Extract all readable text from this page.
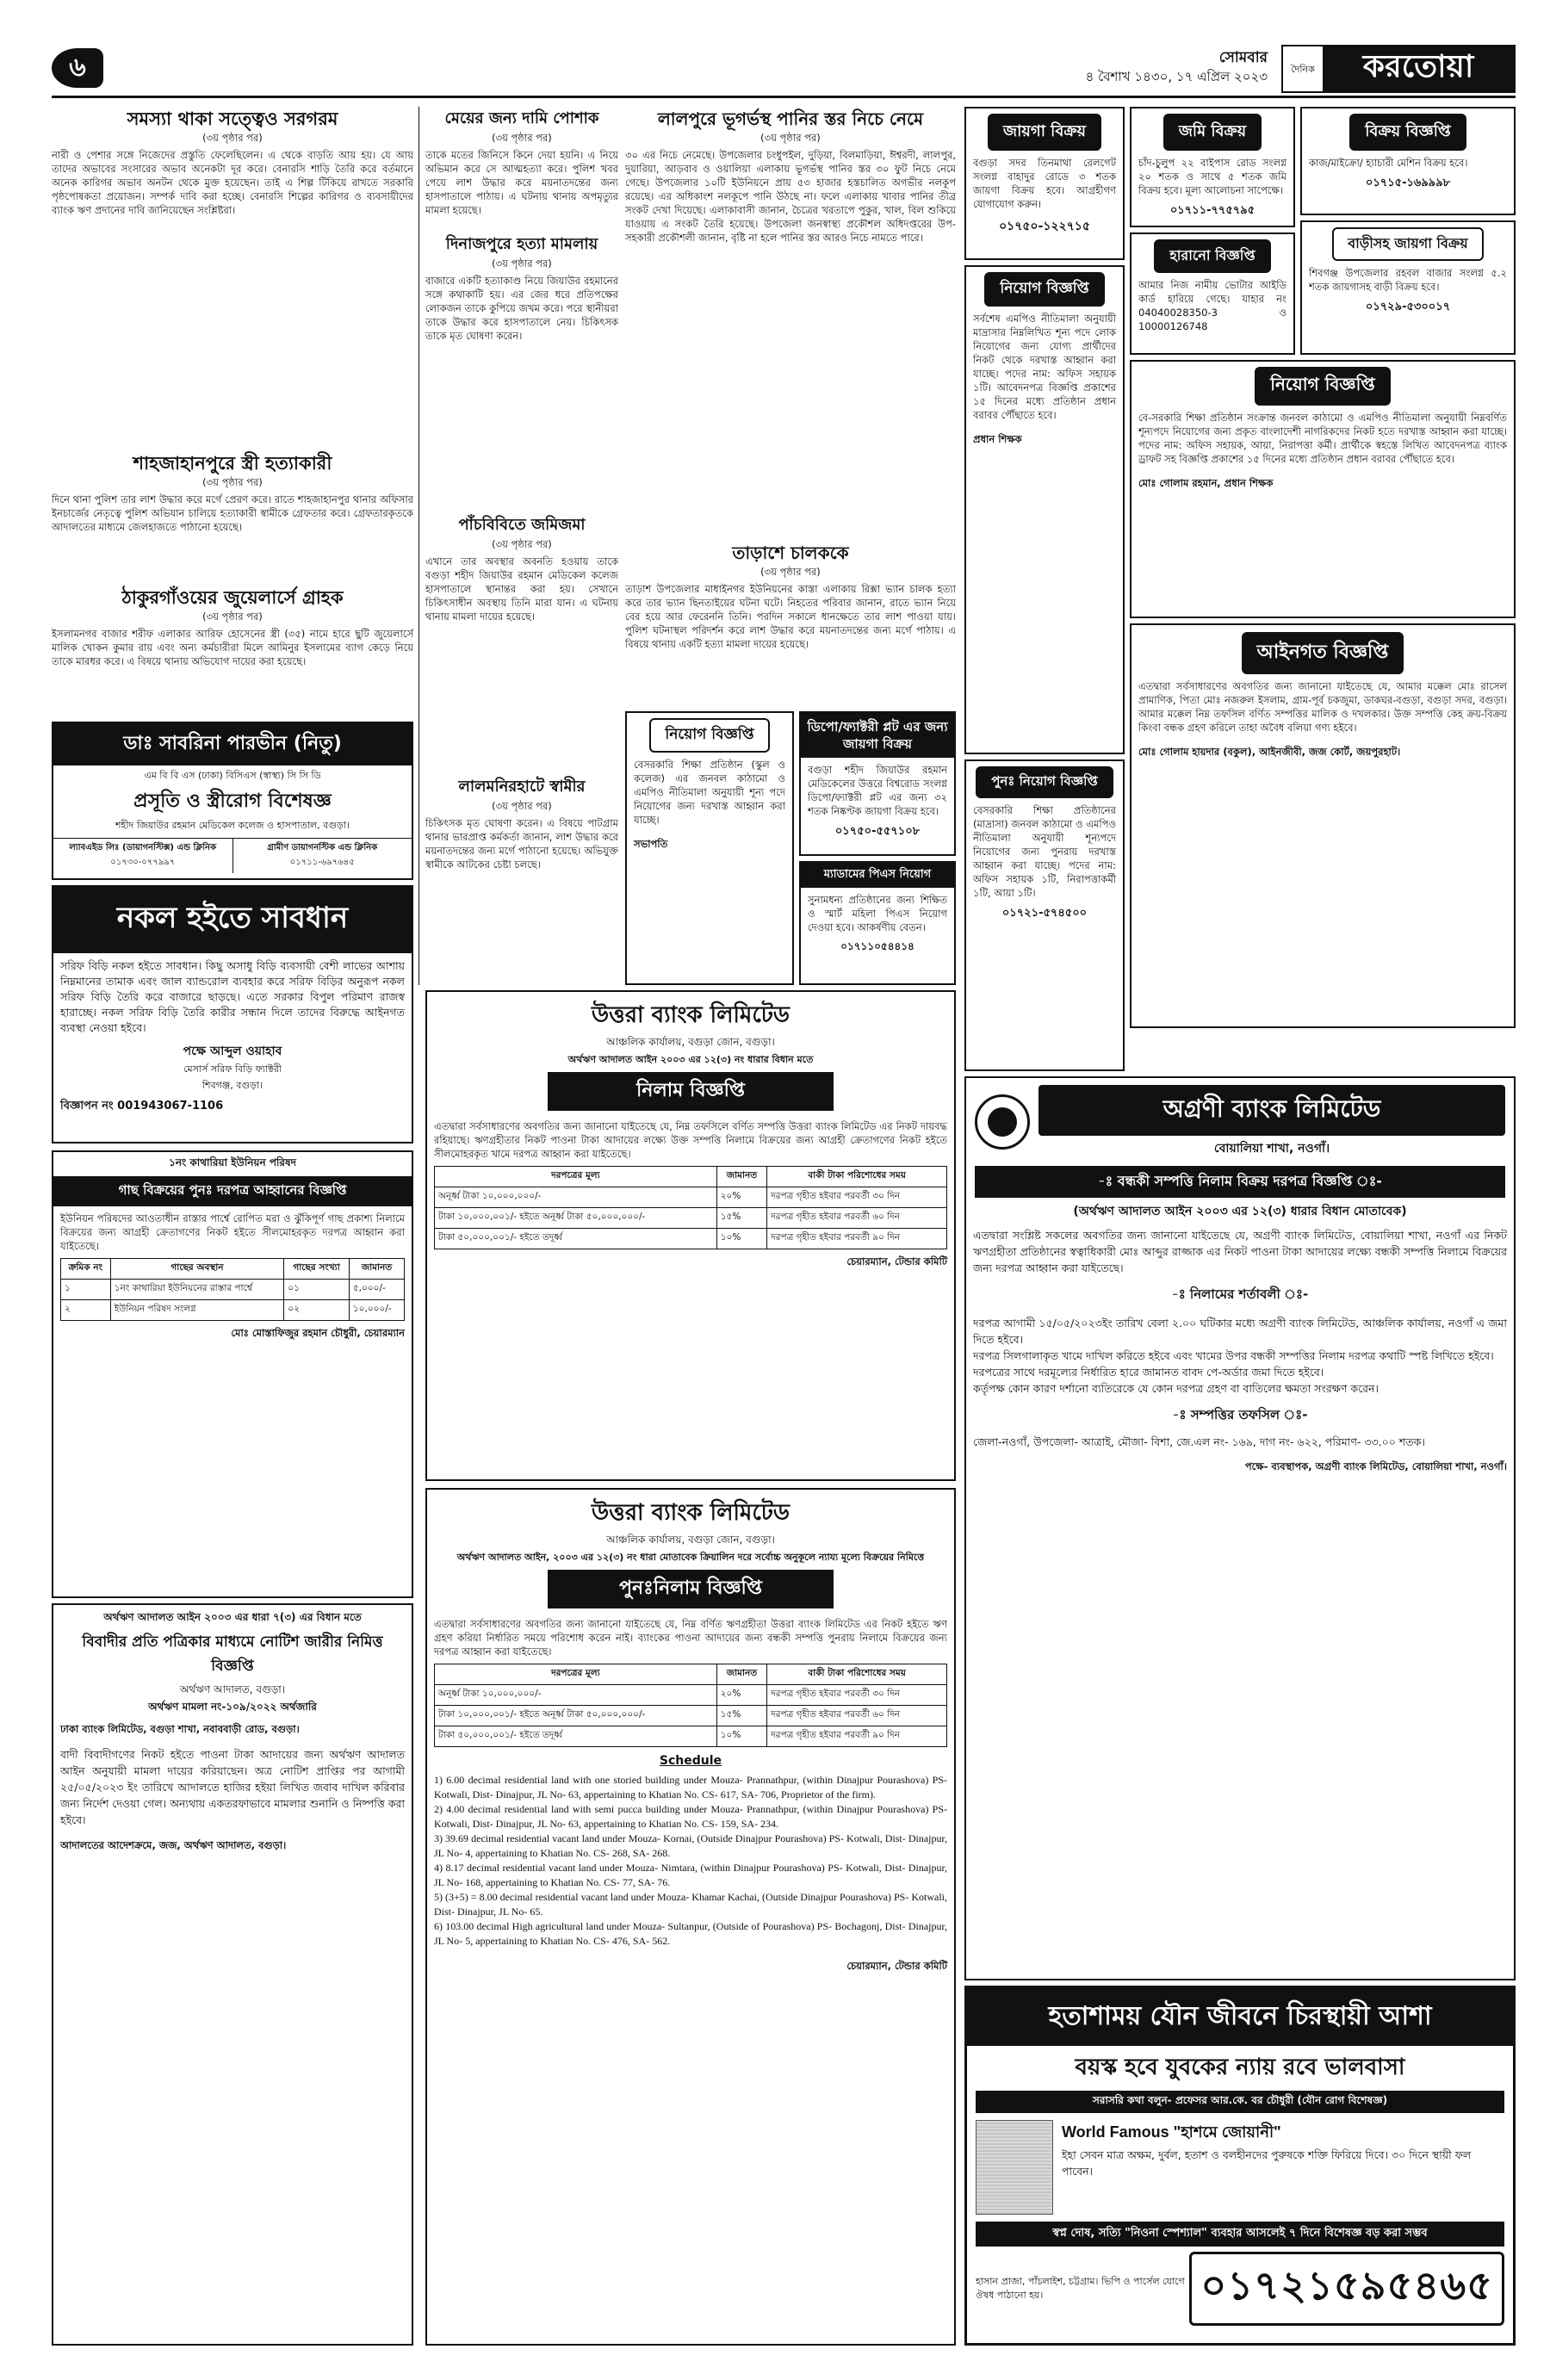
৬	সোমবার
৪ বৈশাখ ১৪৩০, ১৭ এপ্রিল ২০২৩	দৈনিক	করতোয়া
সমস্যা থাকা সত্ত্বেও সরগরম
(৩য় পৃষ্ঠার পর)

নারী ও পেশার সঙ্গে নিজেদের প্রস্তুতি ফেলেছিলেন। এ থেকে বাড়তি আয় হয়। যে আয় তাদের অভাবের সংসারের অভাব অনেকটা দূর করে। বেনারসি শাড়ি তৈরি করে বর্তমানে অনেক কারিগর অভাব অনটন থেকে মুক্ত হয়েছেন। তাই এ শিল্প টিকিয়ে রাখতে সরকারি পৃষ্ঠপোষকতা প্রয়োজন। সম্পর্ক দাবি করা হচ্ছে। বেনারসি শিল্পের কারিগর ও ব্যবসায়ীদের ব্যাংক ঋণ প্রদানের দাবি জানিয়েছেন সংশ্লিষ্টরা।

শাহজাহানপুরে স্ত্রী হত্যাকারী
(৩য় পৃষ্ঠার পর)

দিনে থানা পুলিশ তার লাশ উদ্ধার করে মর্গে প্রেরণ করে। রাতে শাহজাহানপুর থানার অফিসার ইনচার্জের নেতৃত্বে পুলিশ অভিযান চালিয়ে হত্যাকারী স্বামীকে গ্রেফতার করে। গ্রেফতারকৃতকে আদালতের মাধ্যমে জেলহাজতে পাঠানো হয়েছে।

ঠাকুরগাঁওয়ের জুয়েলার্সে গ্রাহক
(৩য় পৃষ্ঠার পর)

ইসলামনগর বাজার শরীফ এলাকার আরিফ হোসেনের স্ত্রী (৩৫) নামে হারে ছুটি জুয়েলার্সে মালিক খোকন কুমার রায় এবং অন্য কর্মচারীরা মিলে আমিনুর ইসলামের ব্যাগ কেড়ে নিয়ে তাকে মারধর করে। এ বিষয়ে থানায় অভিযোগ দায়ের করা হয়েছে।

মেয়ের জন্য দামি পোশাক
(৩য় পৃষ্ঠার পর)

তাকে মতের জিনিসে কিনে দেয়া হয়নি। এ নিয়ে অভিমান করে সে আত্মহত্যা করে। পুলিশ খবর পেয়ে লাশ উদ্ধার করে ময়নাতদন্তের জন্য হাসপাতালে পাঠায়। এ ঘটনায় থানায় অপমৃত্যুর মামলা হয়েছে।

দিনাজপুরে হত্যা মামলায়
(৩য় পৃষ্ঠার পর)

বাজারে একটি হত্যাকাণ্ড নিয়ে জিয়াউর রহমানের সঙ্গে কথাকাটি হয়। এর জের ধরে প্রতিপক্ষের লোকজন তাকে কুপিয়ে জখম করে। পরে স্থানীয়রা তাকে উদ্ধার করে হাসপাতালে নেয়। চিকিৎসক তাকে মৃত ঘোষণা করেন।

পাঁচবিবিতে জমিজমা
(৩য় পৃষ্ঠার পর)

এখানে তার অবস্থার অবনতি হওয়ায় তাকে বগুড়া শহীদ জিয়াউর রহমান মেডিকেল কলেজ হাসপাতালে স্থানান্তর করা হয়। সেখানে চিকিৎসাধীন অবস্থায় তিনি মারা যান। এ ঘটনায় থানায় মামলা দায়ের হয়েছে।

লালমনিরহাটে স্বামীর
(৩য় পৃষ্ঠার পর)

চিকিৎসক মৃত ঘোষণা করেন। এ বিষয়ে পাটগ্রাম থানার ভারপ্রাপ্ত কর্মকর্তা জানান, লাশ উদ্ধার করে ময়নাতদন্তের জন্য মর্গে পাঠানো হয়েছে। অভিযুক্ত স্বামীকে আটকের চেষ্টা চলছে।

লালপুরে ভূগর্ভস্থ পানির স্তর নিচে নেমে
(৩য় পৃষ্ঠার পর)

৩০ এর নিচে নেমেছে। উপজেলার চংধুপইল, দুড়িয়া, বিলমাড়িয়া, ঈশ্বরদী, লালপুর, দুয়ারিয়া, আড়বাব ও ওয়ালিয়া এলাকায় ভূগর্ভস্থ পানির স্তর ৩০ ফুট নিচে নেমে গেছে। উপজেলার ১০টি ইউনিয়নে প্রায় ৫৩ হাজার হস্তচালিত অগভীর নলকূপ রয়েছে। এর অধিকাংশ নলকূপে পানি উঠছে না। ফলে এলাকায় খাবার পানির তীব্র সংকট দেখা দিয়েছে। এলাকাবাসী জানান, চৈত্রের খরতাপে পুকুর, খাল, বিল শুকিয়ে যাওয়ায় এ সংকট তৈরি হয়েছে। উপজেলা জনস্বাস্থ্য প্রকৌশল অধিদপ্তরের উপ-সহকারী প্রকৌশলী জানান, বৃষ্টি না হলে পানির স্তর আরও নিচে নামতে পারে।

তাড়াশে চালককে
(৩য় পৃষ্ঠার পর)

তাড়াশ উপজেলার মাধাইনগর ইউনিয়নের কাস্তা এলাকায় রিক্সা ভ্যান চালক হত্যা করে তার ভ্যান ছিনতাইয়ের ঘটনা ঘটে। নিহতের পরিবার জানান, রাতে ভ্যান নিয়ে বের হয়ে আর ফেরেননি তিনি। পরদিন সকালে ধানক্ষেতে তার লাশ পাওয়া যায়। পুলিশ ঘটনাস্থল পরিদর্শন করে লাশ উদ্ধার করে ময়নাতদন্তের জন্য মর্গে পাঠায়। এ বিষয়ে থানায় একটি হত্যা মামলা দায়ের হয়েছে।

নিয়োগ বিজ্ঞপ্তি
বেসরকারি শিক্ষা প্রতিষ্ঠান (স্কুল ও কলেজ) এর জনবল কাঠামো ও এমপিও নীতিমালা অনুযায়ী শূন্য পদে নিয়োগের জন্য দরখাস্ত আহ্বান করা যাচ্ছে।
সভাপতি
ডিপো/ফ্যাক্টরী প্লট এর জন্য জায়গা বিক্রয়
বগুড়া শহীদ জিয়াউর রহমান মেডিকেলের উত্তরে বিশ্বরোড সংলগ্ন ডিপো/ফ্যাক্টরী প্লট এর জন্য ৩২ শতক নিষ্কণ্টক জায়গা বিক্রয় হবে।
০১৭৫০-৫৫৭১০৮
ম্যাডামের পিএস নিয়োগ
সুনামধন্য প্রতিষ্ঠানের জন্য শিক্ষিত ও স্মার্ট মহিলা পিএস নিয়োগ দেওয়া হবে। আকর্ষণীয় বেতন।
০১৭১১০৫৪৪১৪
জায়গা বিক্রয়
বগুড়া সদর তিনমাথা রেলগেট সংলগ্ন বাহাদুর রোডে ৩ শতক জায়গা বিক্রয় হবে। আগ্রহীগণ যোগাযোগ করুন।
০১৭৫০-১২২৭১৫
জমি বিক্রয়
চাঁদ-চুলুপ ২২ বাইপাস রোড সংলগ্ন ২০ শতক ও সাথে ৫ শতক জমি বিক্রয় হবে। মূল্য আলোচনা সাপেক্ষে।
০১৭১১-৭৭৫৭৯৫
বিক্রয় বিজ্ঞপ্তি
কাজ/মাইক্রো/ হ্যাচারী মেশিন বিক্রয় হবে।
০১৭১৫-১৬৯৯৯৮
হারানো বিজ্ঞপ্তি
আমার নিজ নামীয় ভোটার আইডি কার্ড হারিয়ে গেছে। যাহার নং 04040028350-3 ও 10000126748
বাড়ীসহ জায়গা বিক্রয়
শিবগঞ্জ উপজেলার রহবল বাজার সংলগ্ন ৫.২ শতক জায়গাসহ বাড়ী বিক্রয় হবে।
০১৭২৯-৫৩০০১৭
নিয়োগ বিজ্ঞপ্তি
সর্বশেষ এমপিও নীতিমালা অনুযায়ী মাদ্রাসার নিম্নলিখিত শূন্য পদে লোক নিয়োগের জন্য যোগ্য প্রার্থীদের নিকট থেকে দরখাস্ত আহ্বান করা যাচ্ছে। পদের নাম: অফিস সহায়ক ১টি। আবেদনপত্র বিজ্ঞপ্তি প্রকাশের ১৫ দিনের মধ্যে প্রতিষ্ঠান প্রধান বরাবর পৌঁছাতে হবে।
প্রধান শিক্ষক
নিয়োগ বিজ্ঞপ্তি
বে-সরকারি শিক্ষা প্রতিষ্ঠান সংক্রান্ত জনবল কাঠামো ও এমপিও নীতিমালা অনুযায়ী নিম্নবর্ণিত শূন্যপদে নিয়োগের জন্য প্রকৃত বাংলাদেশী নাগরিকদের নিকট হতে দরখাস্ত আহ্বান করা যাচ্ছে। পদের নাম: অফিস সহায়ক, আয়া, নিরাপত্তা কর্মী। প্রার্থীকে স্বহস্তে লিখিত আবেদনপত্র ব্যাংক ড্রাফট সহ বিজ্ঞপ্তি প্রকাশের ১৫ দিনের মধ্যে প্রতিষ্ঠান প্রধান বরাবর পৌঁছাতে হবে।
মোঃ গোলাম রহমান, প্রধান শিক্ষক
পুনঃ নিয়োগ বিজ্ঞপ্তি
বেসরকারি শিক্ষা প্রতিষ্ঠানের (মাদ্রাসা) জনবল কাঠামো ও এমপিও নীতিমালা অনুযায়ী শূন্যপদে নিয়োগের জন্য পুনরায় দরখাস্ত আহ্বান করা যাচ্ছে। পদের নাম: অফিস সহায়ক ১টি, নিরাপত্তাকর্মী ১টি, আয়া ১টি।
০১৭২১-৫৭৪৫০০
আইনগত বিজ্ঞপ্তি
এতদ্বারা সর্বসাধারণের অবগতির জন্য জানানো যাইতেছে যে, আমার মক্কেল মোঃ রাসেল প্রামাণিক, পিতা মোঃ নজরুল ইসলাম, গ্রাম-পূর্ব চকজুমা, ডাকঘর-বগুড়া, বগুড়া সদর, বগুড়া। আমার মক্কেল নিম্ন তফসিল বর্ণিত সম্পত্তির মালিক ও দখলকার। উক্ত সম্পত্তি কেহ ক্রয়-বিক্রয় কিংবা বন্ধক গ্রহণ করিলে তাহা অবৈধ বলিয়া গণ্য হইবে।
মোঃ গোলাম হায়দার (বকুল), আইনজীবী, জজ কোর্ট, জয়পুরহাট।
ডাঃ সাবরিনা পারভীন (নিতু)
এম বি বি এস (ঢাকা) বিসিএস (স্বাস্থ্য) সি সি ডি
প্রসূতি ও স্ত্রীরোগ বিশেষজ্ঞ
শহীদ জিয়াউর রহমান মেডিকেল কলেজ ও হাসপাতাল, বগুড়া।
ল্যাবএইড লিঃ (ডায়াগনস্টিক্স) এন্ড ক্লিনিক
০১৭৩০-০৭৭৯৯৭
গ্রামীণ ডায়াগনস্টিক এন্ড ক্লিনিক
০১৭১১-৬৯৭৬৪৫
নকল হইতে সাবধান
সরিফ বিড়ি নকল হইতে সাবধান। কিছু অসাধু বিড়ি ব্যবসায়ী বেশী লাভের আশায় নিম্নমানের তামাক এবং জাল ব্যান্ডরোল ব্যবহার করে সরিফ বিড়ির অনুরূপ নকল সরিফ বিড়ি তৈরি করে বাজারে ছাড়ছে। এতে সরকার বিপুল পরিমাণ রাজস্ব হারাচ্ছে। নকল সরিফ বিড়ি তৈরি কারীর সন্ধান দিলে তাদের বিরুদ্ধে আইনগত ব্যবস্থা নেওয়া হইবে।
পক্ষে আব্দুল ওয়াহাব
মেসার্স সরিফ বিড়ি ফ্যাক্টরী
শিবগঞ্জ, বগুড়া।
বিজ্ঞাপন নং 001943067-1106
১নং কাথারিয়া ইউনিয়ন পরিষদ
গাছ বিক্রয়ের পুনঃ দরপত্র আহ্বানের বিজ্ঞপ্তি
ইউনিয়ন পরিষদের আওতাধীন রাস্তার পার্শ্বে রোপিত মরা ও ঝুঁকিপূর্ণ গাছ প্রকাশ্য নিলামে বিক্রয়ের জন্য আগ্রহী ক্রেতাগণের নিকট হইতে সীলমোহরকৃত দরপত্র আহ্বান করা যাইতেছে।
ক্রমিক নং	গাছের অবস্থান	গাছের সংখ্যা	জামানত
১	১নং কাথারিয়া ইউনিয়নের রাস্তার পার্শ্বে	০১	৫,০০০/-
২	ইউনিয়ন পরিষদ সংলগ্ন	০২	১০,০০০/-
মোঃ মোস্তাফিজুর রহমান চৌধুরী, চেয়ারম্যান
অর্থঋণ আদালত আইন ২০০৩ এর ধারা ৭(৩) এর বিধান মতে
বিবাদীর প্রতি পত্রিকার মাধ্যমে নোটিশ জারীর নিমিত্ত বিজ্ঞপ্তি
অর্থঋণ আদালত, বগুড়া।
অর্থঋণ মামলা নং-১০৯/২০২২ অর্থজারি
ঢাকা ব্যাংক লিমিটেড, বগুড়া শাখা, নবাববাড়ী রোড, বগুড়া।
বাদী বিবাদীগণের নিকট হইতে পাওনা টাকা আদায়ের জন্য অর্থঋণ আদালত আইন অনুযায়ী মামলা দায়ের করিয়াছেন। অত্র নোটিশ প্রাপ্তির পর আগামী ২৫/০৫/২০২৩ ইং তারিখে আদালতে হাজির হইয়া লিখিত জবাব দাখিল করিবার জন্য নির্দেশ দেওয়া গেল। অন্যথায় একতরফাভাবে মামলার শুনানি ও নিষ্পত্তি করা হইবে।
আদালতের আদেশক্রমে, জজ, অর্থঋণ আদালত, বগুড়া।
উত্তরা ব্যাংক লিমিটেড
আঞ্চলিক কার্যালয়, বগুড়া জোন, বগুড়া।
অর্থঋণ আদালত আইন ২০০৩ এর ১২(৩) নং ধারার বিধান মতে
নিলাম বিজ্ঞপ্তি
এতদ্বারা সর্বসাধারণের অবগতির জন্য জানানো যাইতেছে যে, নিম্ন তফসিলে বর্ণিত সম্পত্তি উত্তরা ব্যাংক লিমিটেড এর নিকট দায়বদ্ধ রহিয়াছে। ঋণগ্রহীতার নিকট পাওনা টাকা আদায়ের লক্ষ্যে উক্ত সম্পত্তি নিলামে বিক্রয়ের জন্য আগ্রহী ক্রেতাগণের নিকট হইতে সীলমোহরকৃত খামে দরপত্র আহ্বান করা যাইতেছে।
দরপত্রের মূল্য	জামানত	বাকী টাকা পরিশোধের সময়
অনূর্ধ্ব টাকা ১০,০০০,০০০/-	২০%	দরপত্র গৃহীত হইবার পরবর্তী ৩০ দিন
টাকা ১০,০০০,০০১/- হইতে অনূর্ধ্ব টাকা ৫০,০০০,০০০/-	১৫%	দরপত্র গৃহীত হইবার পরবর্তী ৬০ দিন
টাকা ৫০,০০০,০০১/- হইতে তদূর্ধ্ব	১০%	দরপত্র গৃহীত হইবার পরবর্তী ৯০ দিন
চেয়ারম্যান, টেন্ডার কমিটি
উত্তরা ব্যাংক লিমিটেড
আঞ্চলিক কার্যালয়, বগুড়া জোন, বগুড়া।
অর্থঋণ আদালত আইন, ২০০৩ এর ১২(৩) নং ধারা মোতাবেক ক্রিয়ালিন দরে সর্বোচ্চ অনুকূলে ন্যায্য মূল্যে বিক্রয়ের নিমিত্তে
পুনঃনিলাম বিজ্ঞপ্তি
এতদ্বারা সর্বসাধারণের অবগতির জন্য জানানো যাইতেছে যে, নিম্ন বর্ণিত ঋণগ্রহীতা উত্তরা ব্যাংক লিমিটেড এর নিকট হইতে ঋণ গ্রহণ করিয়া নির্ধারিত সময়ে পরিশোধ করেন নাই। ব্যাংকের পাওনা আদায়ের জন্য বন্ধকী সম্পত্তি পুনরায় নিলামে বিক্রয়ের জন্য দরপত্র আহ্বান করা যাইতেছে।
দরপত্রের মূল্য	জামানত	বাকী টাকা পরিশোধের সময়
অনূর্ধ্ব টাকা ১০,০০০,০০০/-	২০%	দরপত্র গৃহীত হইবার পরবর্তী ৩০ দিন
টাকা ১০,০০০,০০১/- হইতে অনূর্ধ্ব টাকা ৫০,০০০,০০০/-	১৫%	দরপত্র গৃহীত হইবার পরবর্তী ৬০ দিন
টাকা ৫০,০০০,০০১/- হইতে তদূর্ধ্ব	১০%	দরপত্র গৃহীত হইবার পরবর্তী ৯০ দিন
Schedule

1) 6.00 decimal residential land with one storied building under Mouza- Prannathpur, (within Dinajpur Pourashova) PS- Kotwali, Dist- Dinajpur, JL No- 63, appertaining to Khatian No. CS- 617, SA- 706, Proprietor of the firm).

2) 4.00 decimal residential land with semi pucca building under Mouza- Prannathpur, (within Dinajpur Pourashova) PS- Kotwali, Dist- Dinajpur, JL No- 63, appertaining to Khatian No. CS- 159, SA- 234.

3) 39.69 decimal residential vacant land under Mouza- Kornai, (Outside Dinajpur Pourashova) PS- Kotwali, Dist- Dinajpur, JL No- 4, appertaining to Khatian No. CS- 268, SA- 268.

4) 8.17 decimal residential vacant land under Mouza- Nimtara, (within Dinajpur Pourashova) PS- Kotwali, Dist- Dinajpur, JL No- 168, appertaining to Khatian No. CS- 77, SA- 76.

5) (3+5) = 8.00 decimal residential vacant land under Mouza- Khamar Kachai, (Outside Dinajpur Pourashova) PS- Kotwali, Dist- Dinajpur, JL No- 65.

6) 103.00 decimal High agricultural land under Mouza- Sultanpur, (Outside of Pourashova) PS- Bochagonj, Dist- Dinajpur, JL No- 5, appertaining to Khatian No. CS- 476, SA- 562.

চেয়ারম্যান, টেন্ডার কমিটি
অগ্রণী ব্যাংক লিমিটেড
বোয়ালিয়া শাখা, নওগাঁ।
-ঃ বন্ধকী সম্পত্তি নিলাম বিক্রয় দরপত্র বিজ্ঞপ্তি ঃ-
(অর্থঋণ আদালত আইন ২০০৩ এর ১২(৩) ধারার বিধান মোতাবেক)
এতদ্বারা সংশ্লিষ্ট সকলের অবগতির জন্য জানানো যাইতেছে যে, অগ্রণী ব্যাংক লিমিটেড, বোয়ালিয়া শাখা, নওগাঁ এর নিকট ঋণগ্রহীতা প্রতিষ্ঠানের স্বত্বাধিকারী মোঃ আব্দুর রাজ্জাক এর নিকট পাওনা টাকা আদায়ের লক্ষ্যে বন্ধকী সম্পত্তি নিলামে বিক্রয়ের জন্য দরপত্র আহ্বান করা যাইতেছে।
-ঃ নিলামের শর্তাবলী ঃ-

দরপত্র আগামী ১৫/০৫/২০২৩ইং তারিখ বেলা ২.০০ ঘটিকার মধ্যে অগ্রণী ব্যাংক লিমিটেড, আঞ্চলিক কার্যালয়, নওগাঁ এ জমা দিতে হইবে।

দরপত্র সিলগালাকৃত খামে দাখিল করিতে হইবে এবং খামের উপর বন্ধকী সম্পত্তির নিলাম দরপত্র কথাটি স্পষ্ট লিখিতে হইবে।

দরপত্রের সাথে দরমূল্যের নির্ধারিত হারে জামানত বাবদ পে-অর্ডার জমা দিতে হইবে।

কর্তৃপক্ষ কোন কারণ দর্শানো ব্যতিরেকে যে কোন দরপত্র গ্রহণ বা বাতিলের ক্ষমতা সংরক্ষণ করেন।

-ঃ সম্পত্তির তফসিল ঃ-
জেলা-নওগাঁ, উপজেলা- আত্রাই, মৌজা- বিশা, জে.এল নং- ১৬৯, দাগ নং- ৬২২, পরিমাণ- ৩৩.০০ শতক।
পক্ষে- ব্যবস্থাপক, অগ্রণী ব্যাংক লিমিটেড, বোয়ালিয়া শাখা, নওগাঁ।
হতাশাময় যৌন জীবনে চিরস্থায়ী আশা
বয়স্ক হবে যুবকের ন্যায় রবে ভালবাসা
সরাসরি কথা বলুন- প্রফেসর আর.কে. বর চৌধুরী (যৌন রোগ বিশেষজ্ঞ)
World Famous "হাশমে জোয়ানী"
ইহা সেবন মাত্র অক্ষম, দুর্বল, হতাশ ও বলহীনদের পুরুষকে শক্তি ফিরিয়ে দিবে। ৩০ দিনে স্থায়ী ফল পাবেন।
স্বপ্ন দোষ, সত্যি "নিওনা স্পেশ্যাল" ব্যবহার আসলেই ৭ দিনে বিশেষজ্ঞ বড় করা সম্ভব
হাসান প্রাজা, পাঁচলাইশ, চট্টগ্রাম। ভিপি ও পার্সেল যোগে ঔষধ পাঠানো হয়।	০১৭২১৫৯৫৪৬৫
